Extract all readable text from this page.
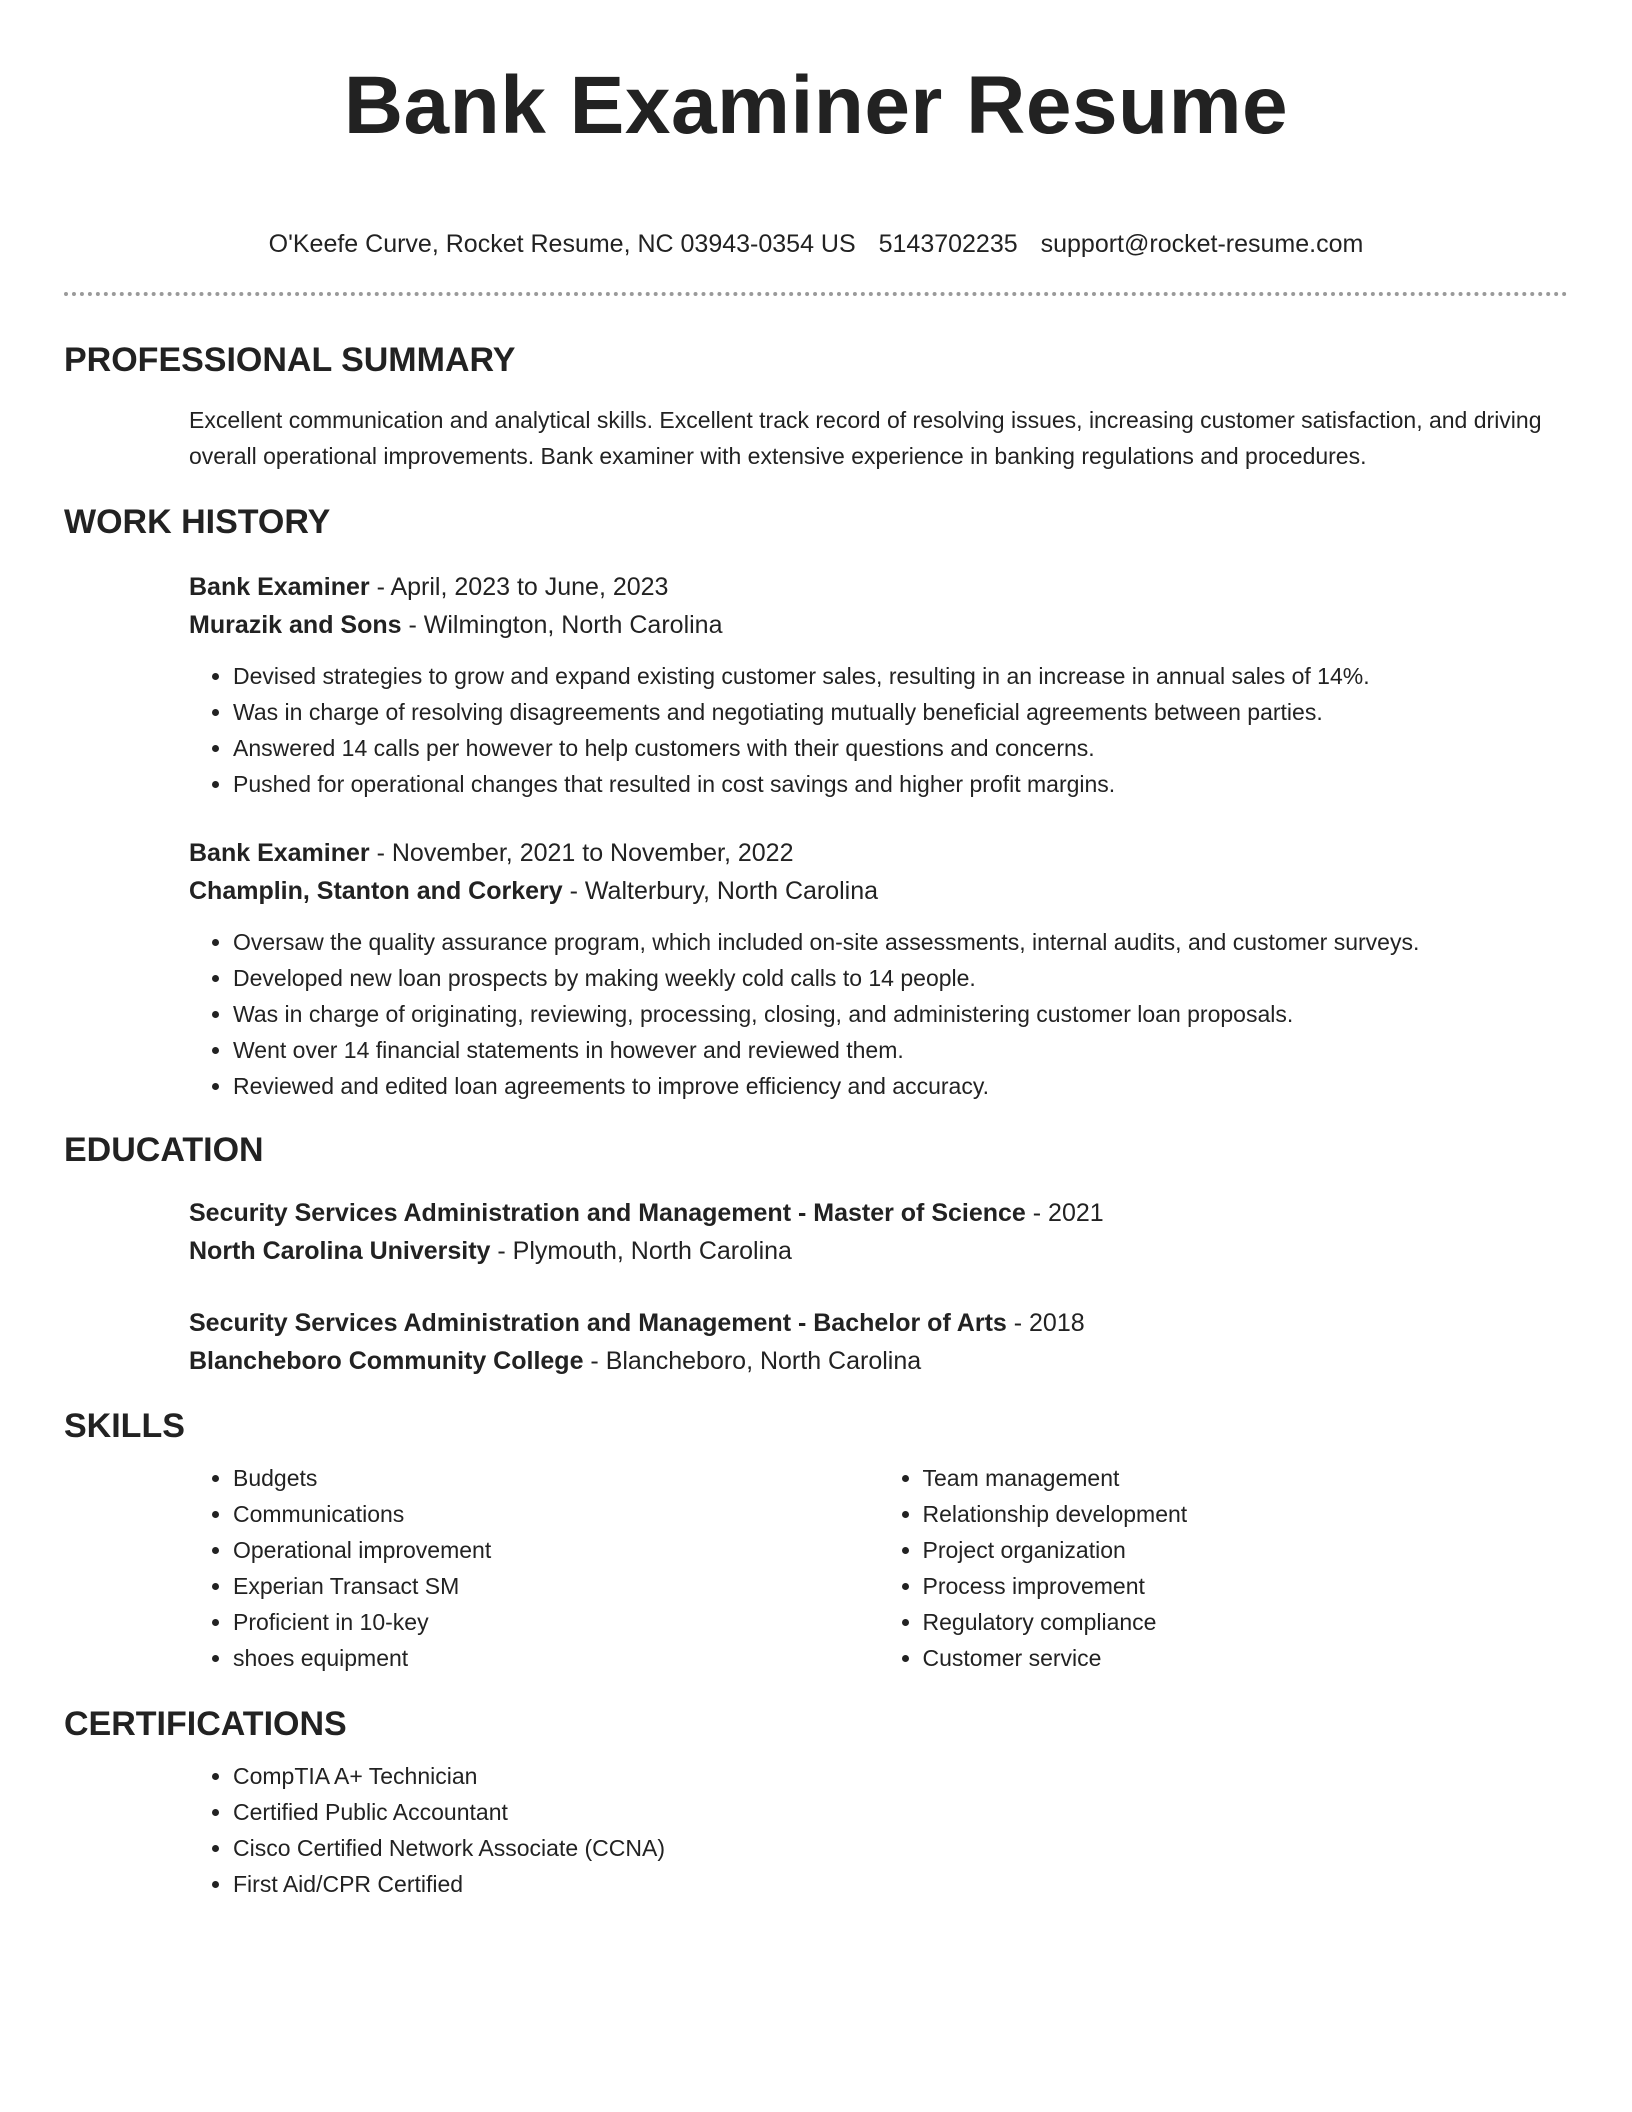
Bank Examiner Resume
O'Keefe Curve, Rocket Resume, NC 03943-0354 US 5143702235 support@rocket-resume.com
PROFESSIONAL SUMMARY

Excellent communication and analytical skills. Excellent track record of resolving issues, increasing customer satisfaction, and driving overall operational improvements. Bank examiner with extensive experience in banking regulations and procedures.

WORK HISTORY

Bank Examiner - April, 2023 to June, 2023

Murazik and Sons - Wilmington, North Carolina

• Devised strategies to grow and expand existing customer sales, resulting in an increase in annual sales of 14%.
• Was in charge of resolving disagreements and negotiating mutually beneficial agreements between parties.
• Answered 14 calls per however to help customers with their questions and concerns.
• Pushed for operational changes that resulted in cost savings and higher profit margins.

Bank Examiner - November, 2021 to November, 2022

Champlin, Stanton and Corkery - Walterbury, North Carolina

• Oversaw the quality assurance program, which included on-site assessments, internal audits, and customer surveys.
• Developed new loan prospects by making weekly cold calls to 14 people.
• Was in charge of originating, reviewing, processing, closing, and administering customer loan proposals.
• Went over 14 financial statements in however and reviewed them.
• Reviewed and edited loan agreements to improve efficiency and accuracy.
EDUCATION

Security Services Administration and Management - Master of Science - 2021

North Carolina University - Plymouth, North Carolina

Security Services Administration and Management - Bachelor of Arts - 2018

Blancheboro Community College - Blancheboro, North Carolina

SKILLS
• Budgets
• Communications
• Operational improvement
• Experian Transact SM
• Proficient in 10-key
• shoes equipment
• Team management
• Relationship development
• Project organization
• Process improvement
• Regulatory compliance
• Customer service
CERTIFICATIONS
• CompTIA A+ Technician
• Certified Public Accountant
• Cisco Certified Network Associate (CCNA)
• First Aid/CPR Certified
